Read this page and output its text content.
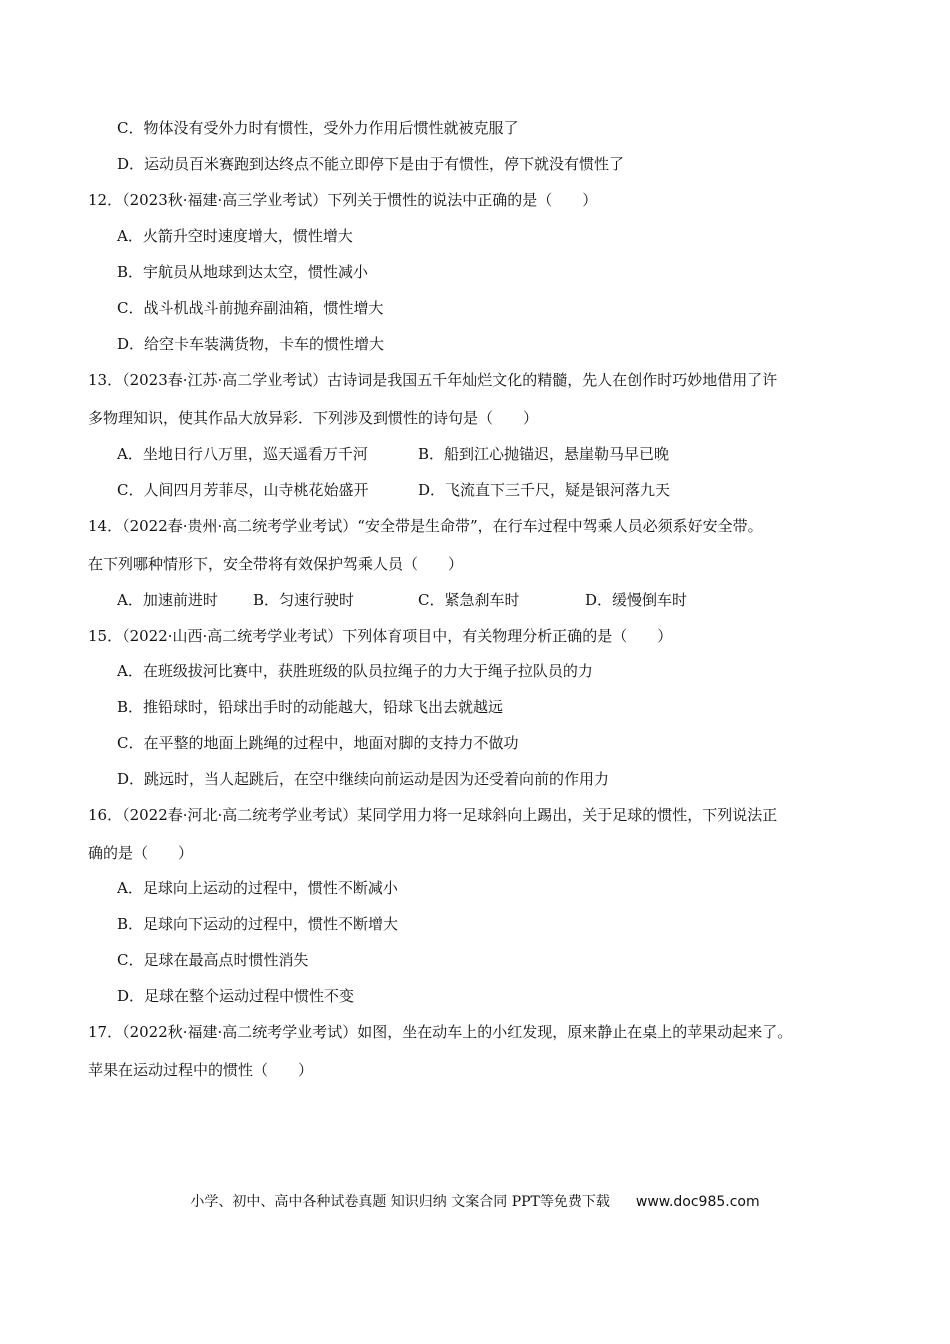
C．物体没有受外力时有惯性，受外力作用后惯性就被克服了
D．运动员百米赛跑到达终点不能立即停下是由于有惯性，停下就没有惯性了
12．（2023秋·福建·高三学业考试）下列关于惯性的说法中正确的是（　　）
A．火箭升空时速度增大，惯性增大
B．宇航员从地球到达太空，惯性减小
C．战斗机战斗前抛弃副油箱，惯性增大
D．给空卡车装满货物，卡车的惯性增大
13．（2023春·江苏·高二学业考试）古诗词是我国五千年灿烂文化的精髓，先人在创作时巧妙地借用了许
多物理知识，使其作品大放异彩．下列涉及到惯性的诗句是（　　）
A．坐地日行八万里，巡天遥看万千河	B．船到江心抛锚迟，悬崖勒马早已晚
C．人间四月芳菲尽，山寺桃花始盛开	D．飞流直下三千尺，疑是银河落九天
14．（2022春·贵州·高二统考学业考试）“安全带是生命带”，在行车过程中驾乘人员必须系好安全带。
在下列哪种情形下，安全带将有效保护驾乘人员（　　）
A．加速前进时 B．匀速行驶时	C．紧急刹车时	D．缓慢倒车时
15．（2022·山西·高二统考学业考试）下列体育项目中，有关物理分析正确的是（　　）
A．在班级拔河比赛中，获胜班级的队员拉绳子的力大于绳子拉队员的力
B．推铅球时，铅球出手时的动能越大，铅球飞出去就越远
C．在平整的地面上跳绳的过程中，地面对脚的支持力不做功
D．跳远时，当人起跳后，在空中继续向前运动是因为还受着向前的作用力
16．（2022春·河北·高二统考学业考试）某同学用力将一足球斜向上踢出，关于足球的惯性，下列说法正
确的是（　　）
A．足球向上运动的过程中，惯性不断减小
B．足球向下运动的过程中，惯性不断增大
C．足球在最高点时惯性消失
D．足球在整个运动过程中惯性不变
17．（2022秋·福建·高二统考学业考试）如图，坐在动车上的小红发现，原来静止在桌上的苹果动起来了。
苹果在运动过程中的惯性（　　）
小学、初中、高中各种试卷真题 知识归纳 文案合同 PPT等免费下载 www.doc985.com
